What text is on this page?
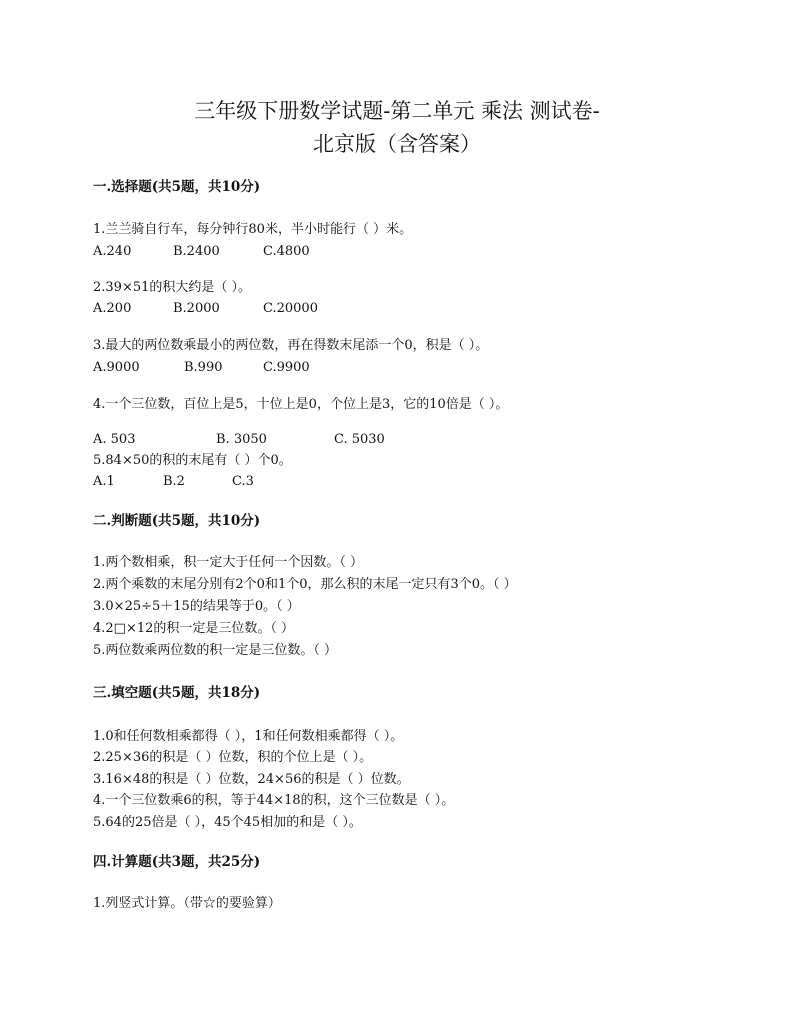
三年级下册数学试题-第二单元 乘法 测试卷-
北京版（含答案）
一.选择题(共5题，共10分)
1.兰兰骑自行车，每分钟行80米，半小时能行（ ）米。
A.240	B.2400	C.4800
2.39×51的积大约是（ ）。
A.200	B.2000	C.20000
3.最大的两位数乘最小的两位数，再在得数末尾添一个0，积是（ ）。
A.9000	B.990	C.9900
4.一个三位数，百位上是5，十位上是0，个位上是3，它的10倍是（ ）。
A. 503	B. 3050	C. 5030
5.84×50的积的末尾有（ ）个0。
A.1	B.2	C.3
二.判断题(共5题，共10分)
1.两个数相乘，积一定大于任何一个因数。（ ）
2.两个乘数的末尾分别有2个0和1个0，那么积的末尾一定只有3个0。（ ）
3.0×25÷5＋15的结果等于0。（ ）
4.2□×12的积一定是三位数。（ ）
5.两位数乘两位数的积一定是三位数。（ ）
三.填空题(共5题，共18分)
1.0和任何数相乘都得（ ），1和任何数相乘都得（ ）。
2.25×36的积是（ ）位数，积的个位上是（ ）。
3.16×48的积是（ ）位数，24×56的积是（ ）位数。
4.一个三位数乘6的积，等于44×18的积，这个三位数是（ ）。
5.64的25倍是（ ），45个45相加的和是（ ）。
四.计算题(共3题，共25分)
1.列竖式计算。（带☆的要验算）
